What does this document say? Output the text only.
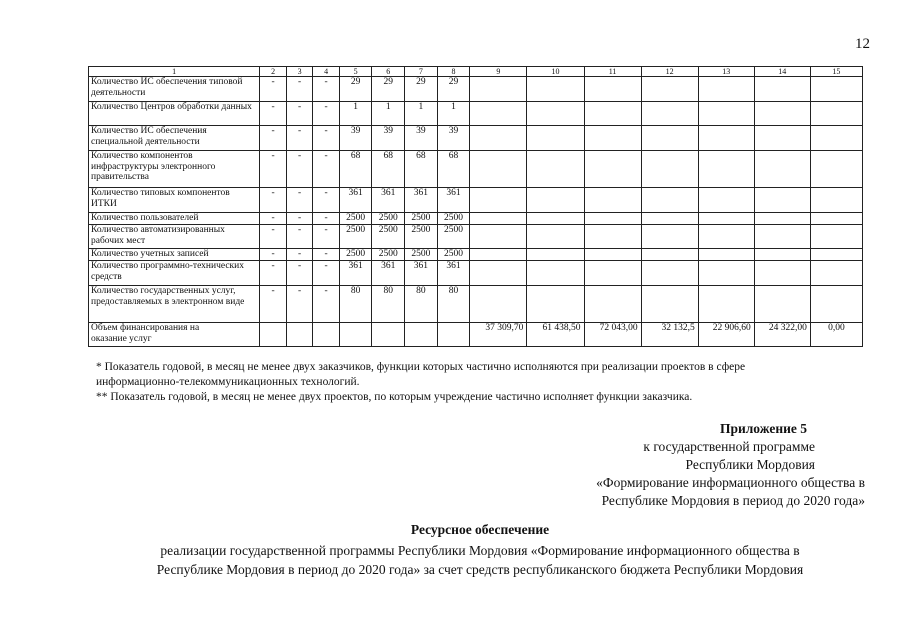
12
1	2	3	4	5	6	7	8	9	10	11	12	13	14	15
Количество ИС обеспечения типовой деятельности	-	-	-	29	29	29	29							
Количество Центров обработки данных	-	-	-	1	1	1	1							
Количество ИС обеспечения специальной деятельности	-	-	-	39	39	39	39							
Количество компонентов инфраструктуры электронного правительства	-	-	-	68	68	68	68							
Количество типовых компонентов ИТКИ	-	-	-	361	361	361	361							
Количество пользователей	-	-	-	2500	2500	2500	2500							
Количество автоматизированных рабочих мест	-	-	-	2500	2500	2500	2500							
Количество учетных записей	-	-	-	2500	2500	2500	2500							
Количество программно-технических средств	-	-	-	361	361	361	361							
Количество государственных услуг, предоставляемых в электронном виде	-	-	-	80	80	80	80							

Объем финансирования на
оказание услуг								37 309,70	61 438,50	72 043,00	32 132,5	22 906,60	24 322,00	0,00
* Показатель годовой, в месяц не менее двух заказчиков, функции которых частично исполняются при реализации проектов в сфере
информационно-телекоммуникационных технологий.
** Показатель годовой, в месяц не менее двух проектов, по которым учреждение частично исполняет функции заказчика.
Приложение 5
к государственной программе
Республики Мордовия
«Формирование информационного общества в
Республике Мордовия в период до 2020 года»
Ресурсное обеспечение
реализации государственной программы Республики Мордовия «Формирование информационного общества в
Республике Мордовия в период до 2020 года» за счет средств республиканского бюджета Республики Мордовия
